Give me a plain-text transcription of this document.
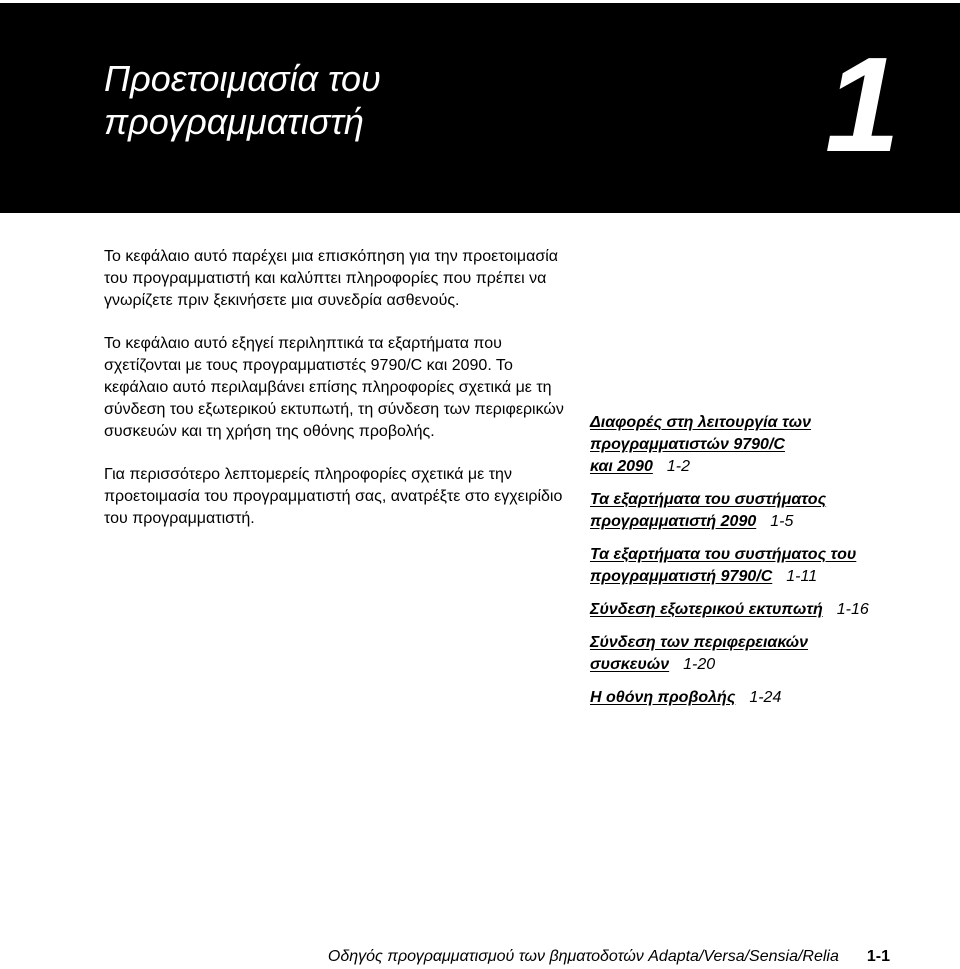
Προετοιμασία του
προγραμματιστή	1

Το κεφάλαιο αυτό παρέχει μια επισκόπηση για την προετοιμασία του προγραμματιστή και καλύπτει πληροφορίες που πρέπει να γνωρίζετε πριν ξεκινήσετε μια συνεδρία ασθενούς.

Το κεφάλαιο αυτό εξηγεί περιληπτικά τα εξαρτήματα που σχετίζονται με τους προγραμματιστές 9790/C και 2090. Το κεφάλαιο αυτό περιλαμβάνει επίσης πληροφορίες σχετικά με τη σύνδεση του εξωτερικού εκτυπωτή, τη σύνδεση των περιφερικών συσκευών και τη χρήση της οθόνης προβολής.

Για περισσότερο λεπτομερείς πληροφορίες σχετικά με την προετοιμασία του προγραμματιστή σας, ανατρέξτε στο εγχειρίδιο του προγραμματιστή.

Διαφορές στη λειτουργία των
προγραμματιστών 9790/C
και 2090 1-2
Τα εξαρτήματα του συστήματος
προγραμματιστή 2090 1-5
Τα εξαρτήματα του συστήματος του
προγραμματιστή 9790/C 1-11
Σύνδεση εξωτερικού εκτυπωτή 1-16
Σύνδεση των περιφερειακών
συσκευών 1-20
Η οθόνη προβολής 1-24
Οδηγός προγραμματισμού των βηματοδοτών Adapta/Versa/Sensia/Relia 1-1
